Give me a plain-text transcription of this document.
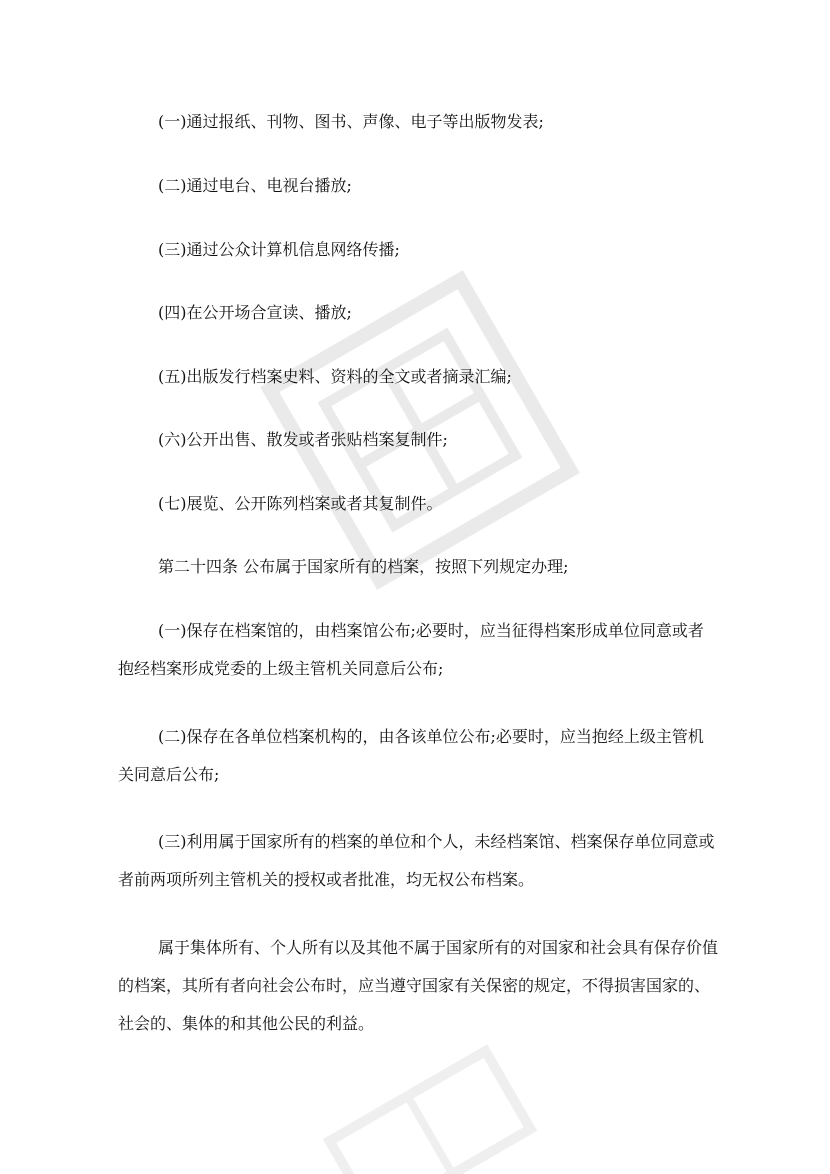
(一)通过报纸、刊物、图书、声像、电子等出版物发表;

(二)通过电台、电视台播放;

(三)通过公众计算机信息网络传播;

(四)在公开场合宣读、播放;

(五)出版发行档案史料、资料的全文或者摘录汇编;

(六)公开出售、散发或者张贴档案复制件;

(七)展览、公开陈列档案或者其复制件。

第二十四条 公布属于国家所有的档案，按照下列规定办理;

(一)保存在档案馆的，由档案馆公布;必要时，应当征得档案形成单位同意或者抱经档案形成党委的上级主管机关同意后公布;

(二)保存在各单位档案机构的，由各该单位公布;必要时，应当抱经上级主管机关同意后公布;

(三)利用属于国家所有的档案的单位和个人，未经档案馆、档案保存单位同意或者前两项所列主管机关的授权或者批准，均无权公布档案。

属于集体所有、个人所有以及其他不属于国家所有的对国家和社会具有保存价值的档案，其所有者向社会公布时，应当遵守国家有关保密的规定，不得损害国家的、社会的、集体的和其他公民的利益。
